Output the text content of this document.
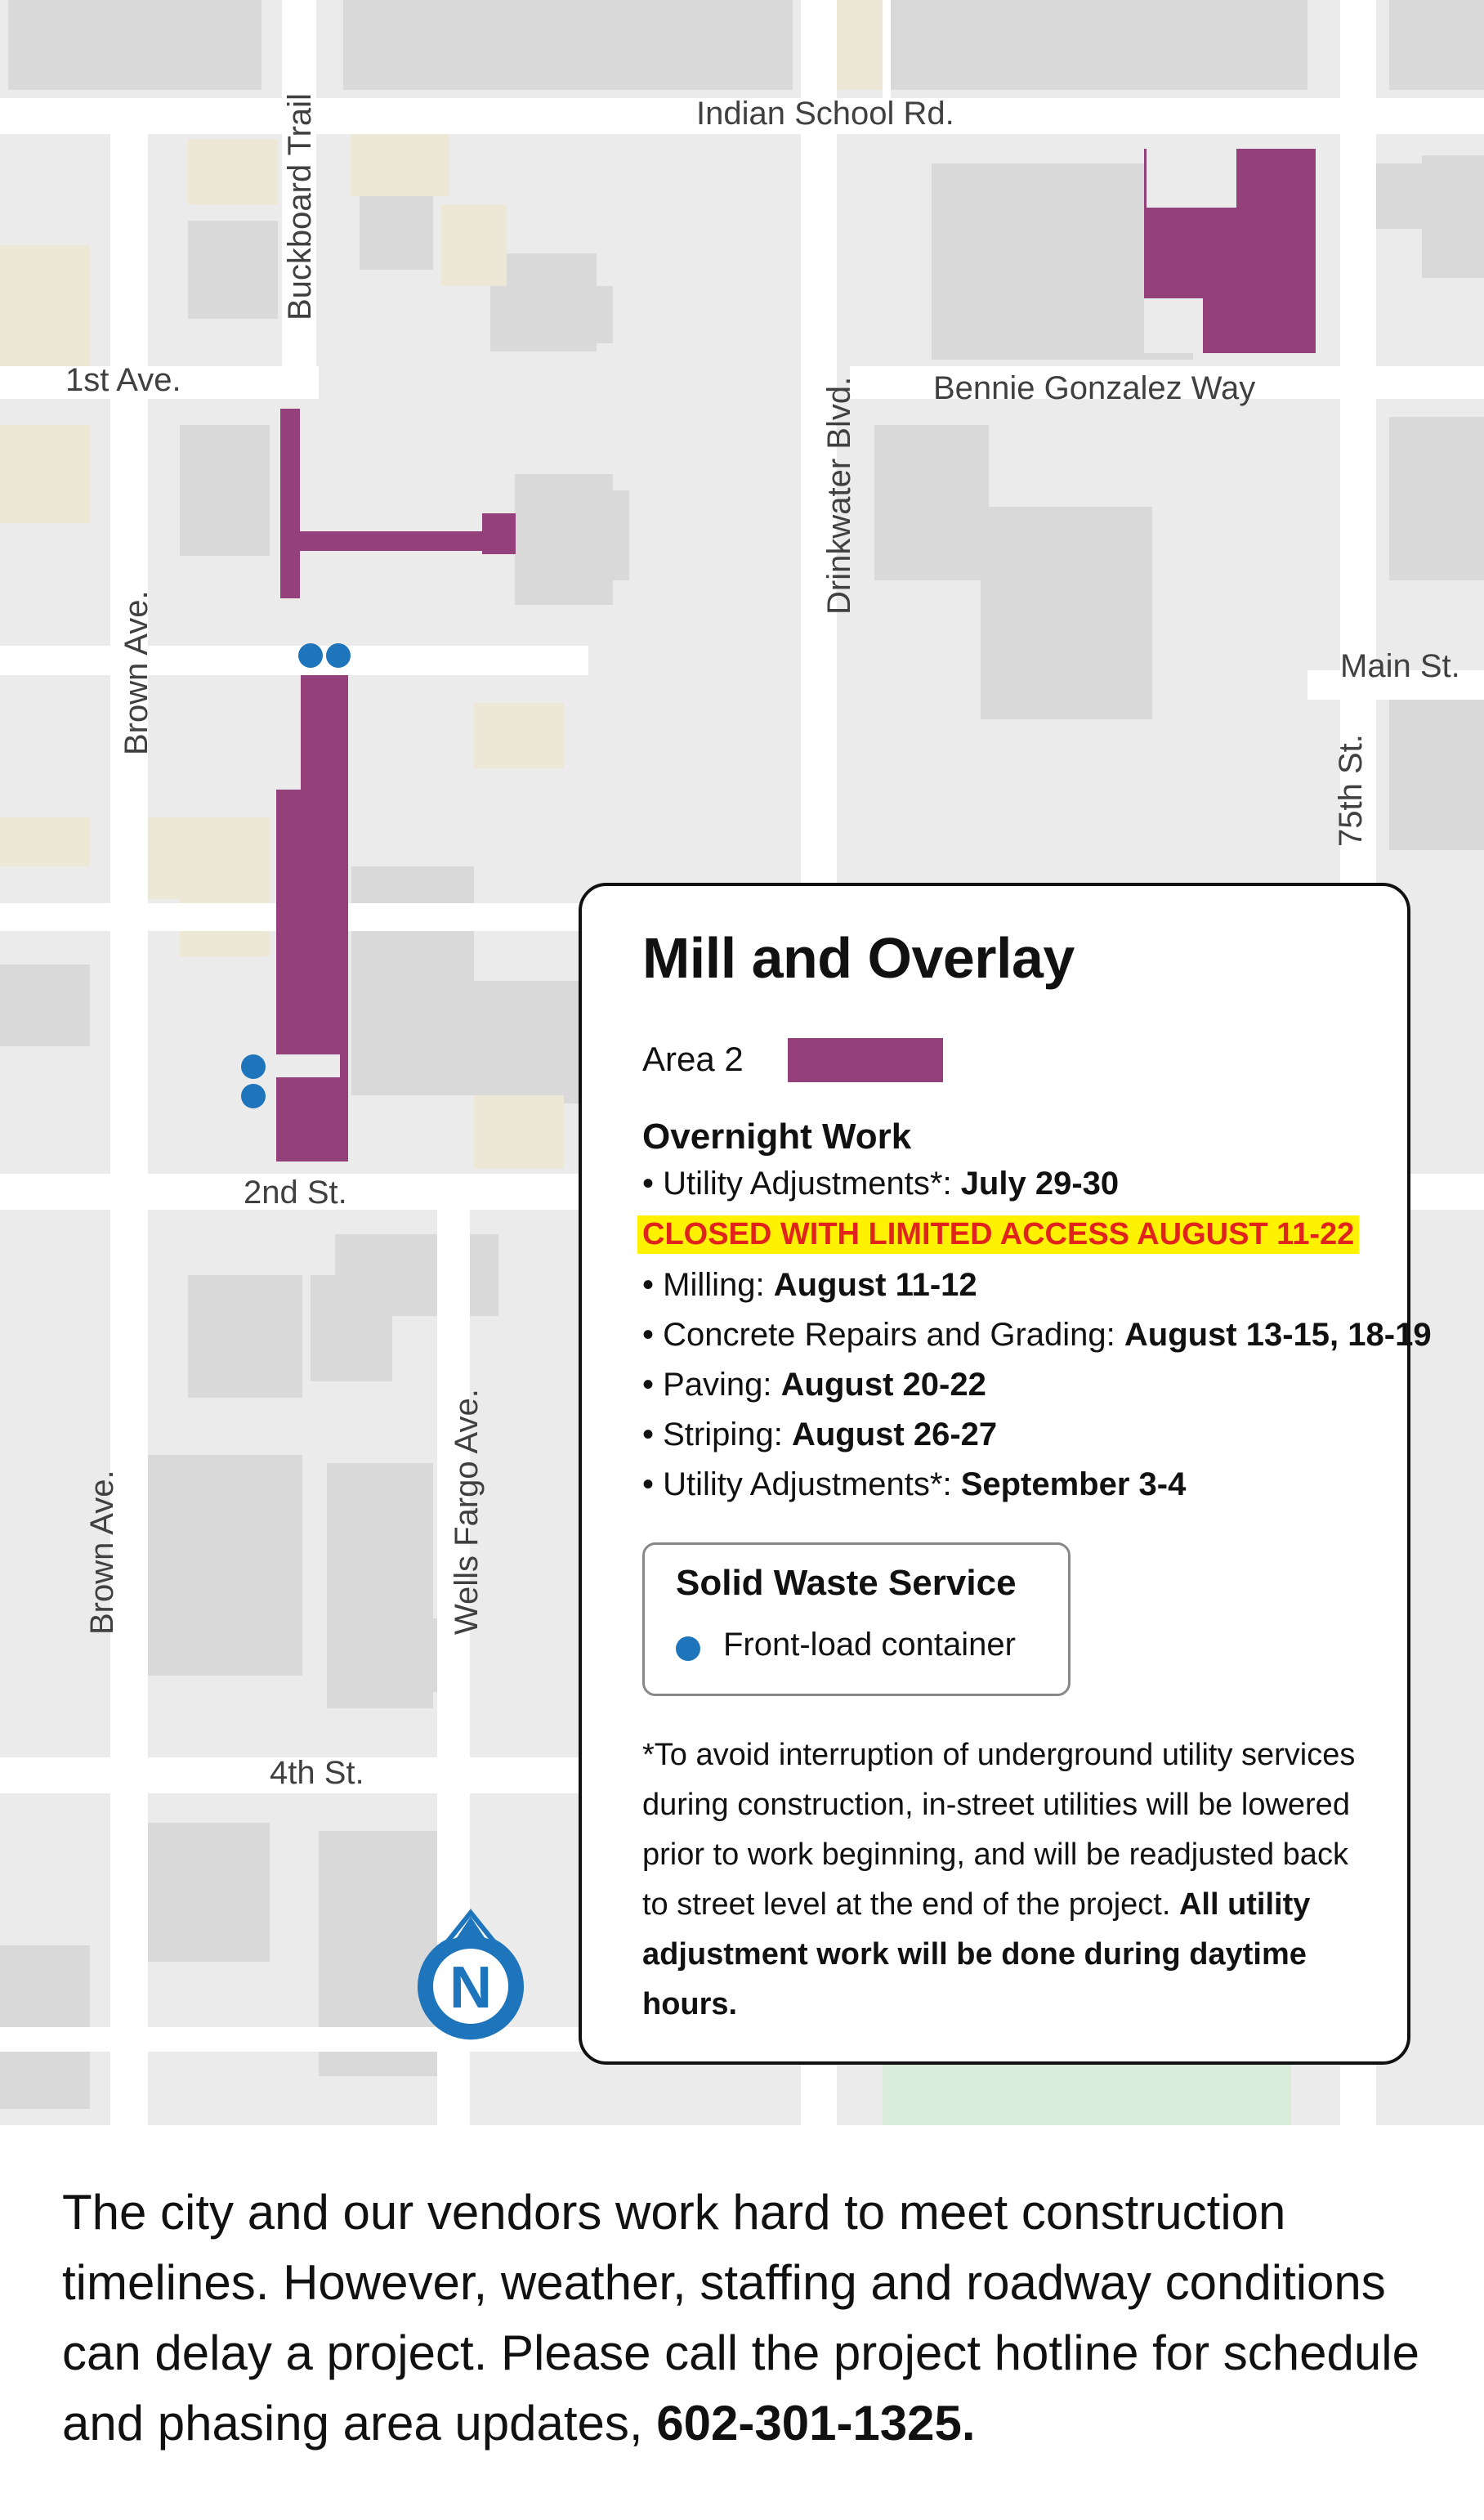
Indian School Rd.
Buckboard Trail
1st Ave.	Bennie Gonzalez Way
Drinkwater Blvd.
Brown Ave.	Main St.
75th St.
2nd St.
Brown Ave.	Wells Fargo Ave.
4th St.
N
Mill and Overlay
Area 2
Overnight Work
• Utility Adjustments*: July 29-30
CLOSED WITH LIMITED ACCESS AUGUST 11-22
• Milling: August 11-12
• Concrete Repairs and Grading: August 13-15, 18-19
• Paving: August 20-22
• Striping: August 26-27
• Utility Adjustments*: September 3-4
Solid Waste Service
Front-load container
*To avoid interruption of underground utility services during construction, in-street utilities will be lowered prior to work beginning, and will be readjusted back to street level at the end of the project. All utility adjustment work will be done during daytime hours.
The city and our vendors work hard to meet construction timelines. However, weather, staffing and roadway conditions can delay a project. Please call the project hotline for schedule and phasing area updates, 602-301-1325.
